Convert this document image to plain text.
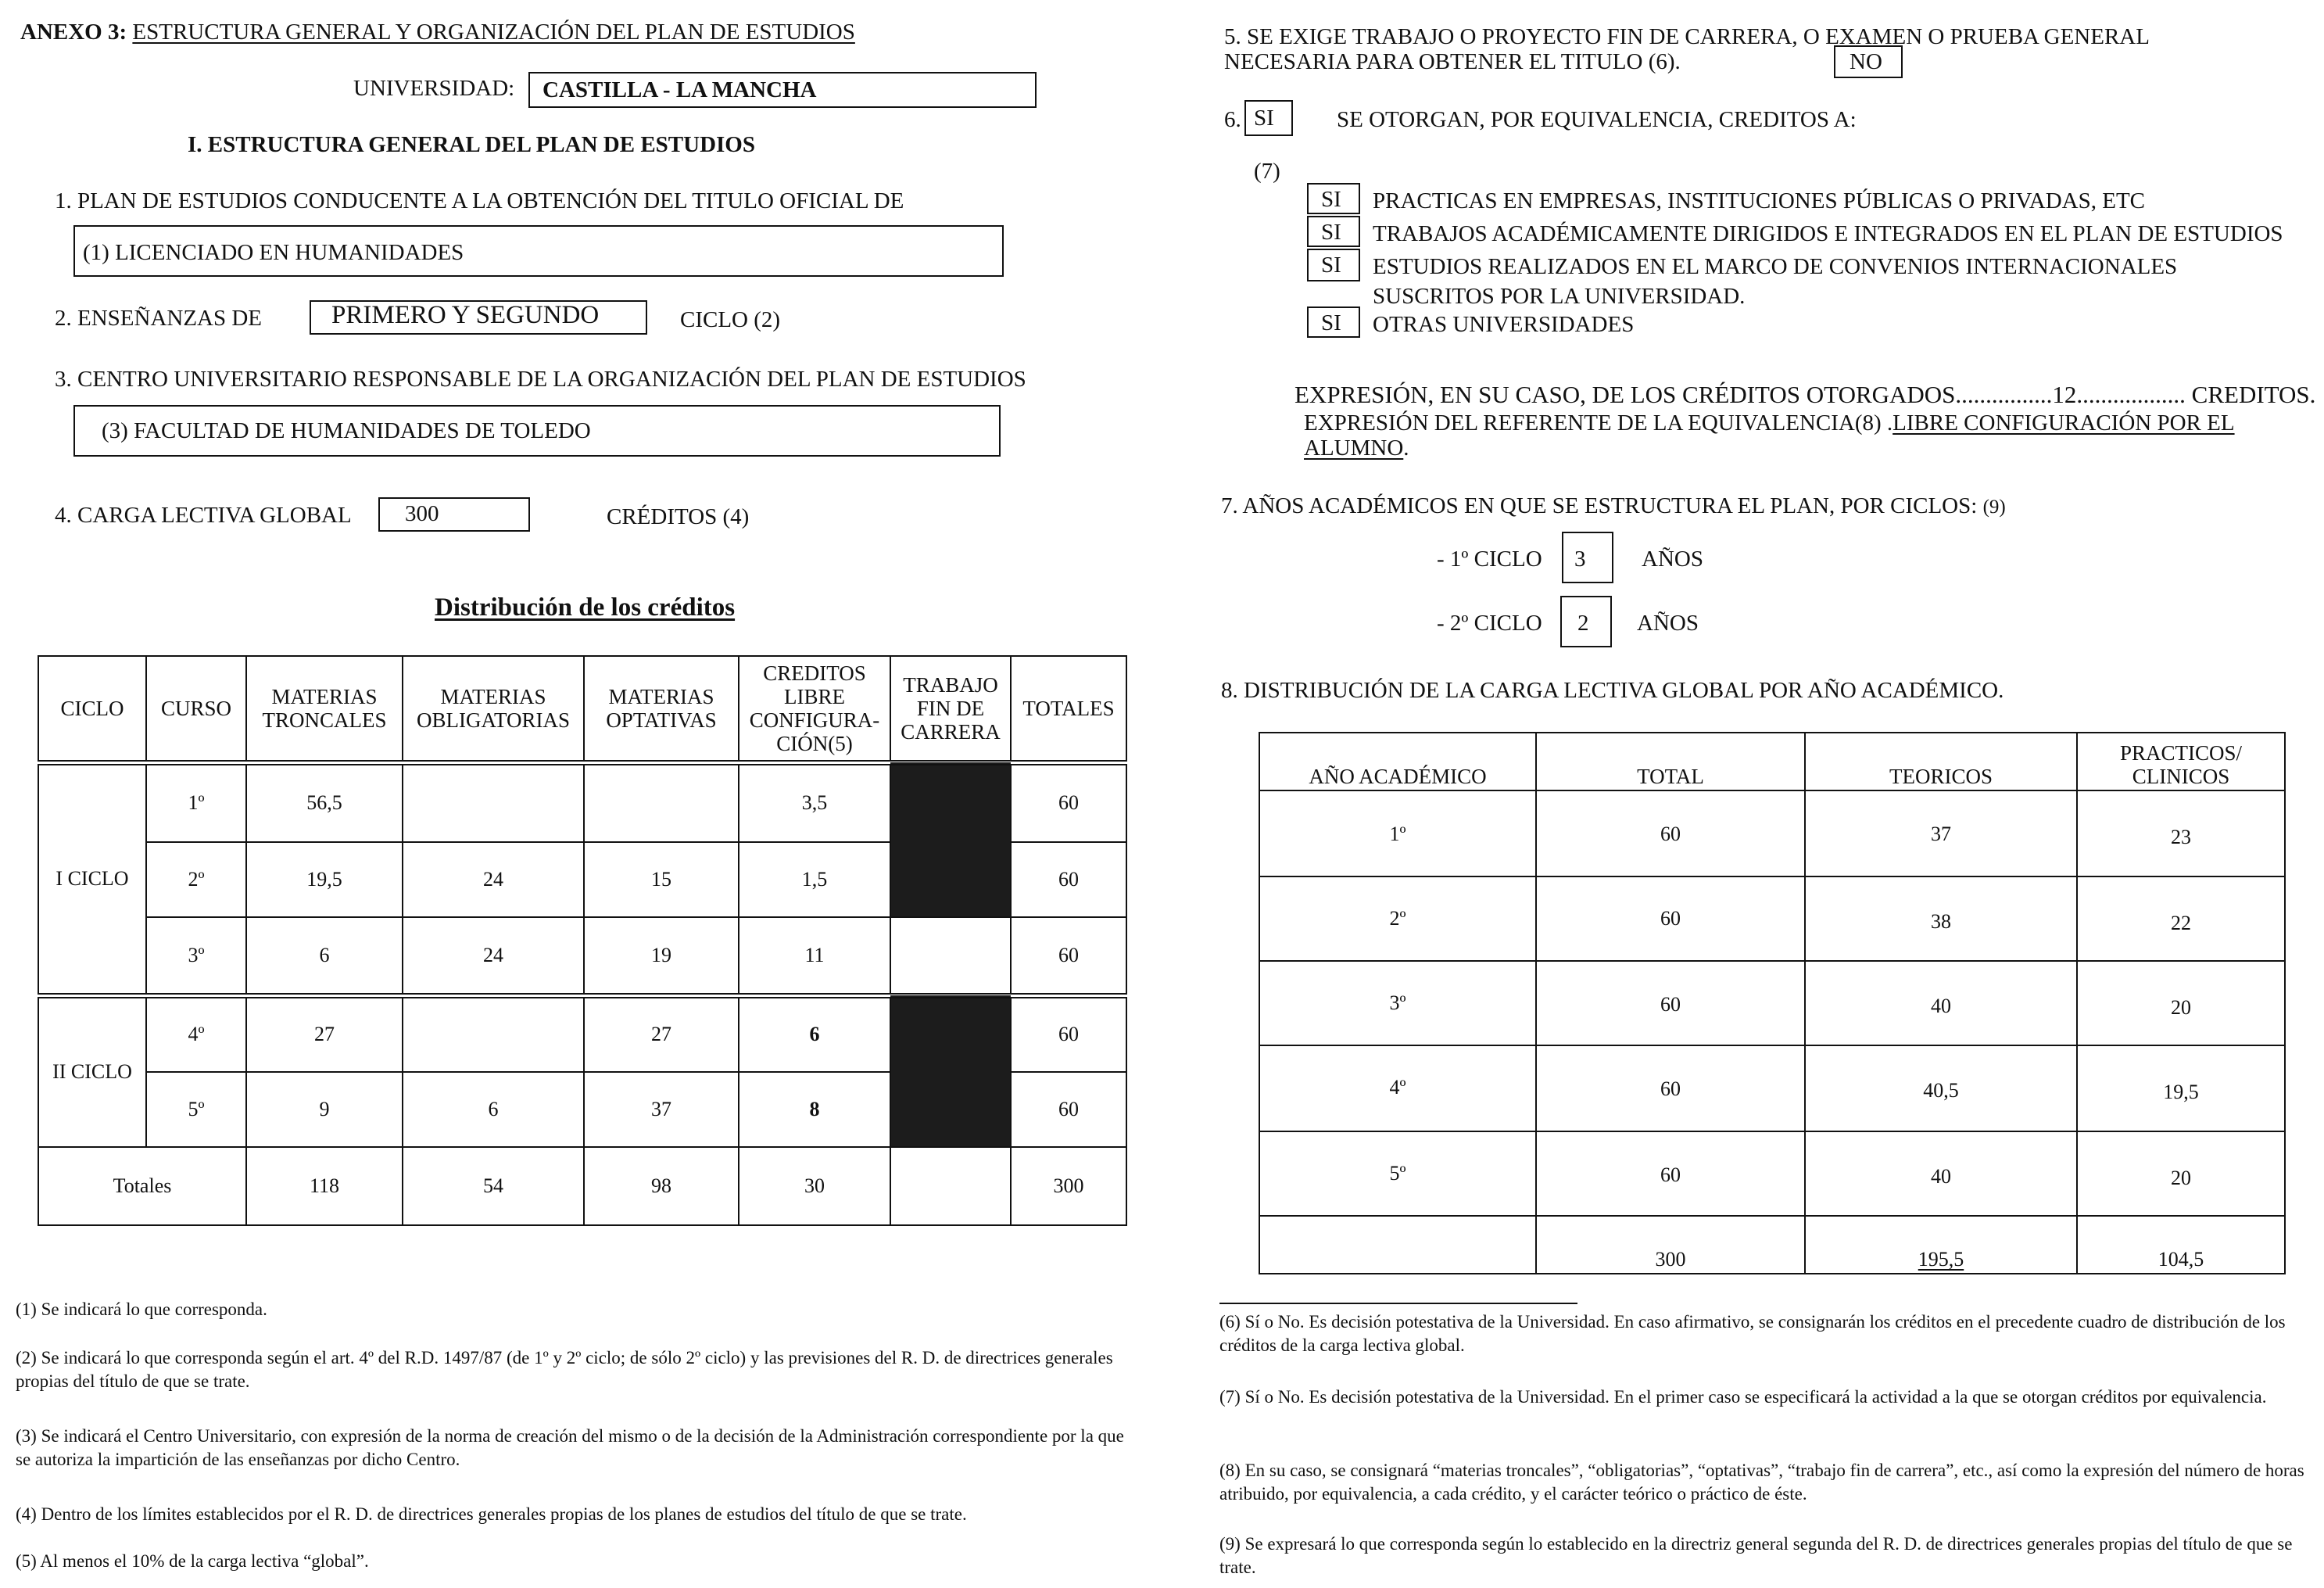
ANEXO 3: ESTRUCTURA GENERAL Y ORGANIZACIÓN DEL PLAN DE ESTUDIOS
UNIVERSIDAD: CASTILLA - LA MANCHA
I. ESTRUCTURA GENERAL DEL PLAN DE ESTUDIOS
1. PLAN DE ESTUDIOS CONDUCENTE A LA OBTENCIÓN DEL TITULO OFICIAL DE
(1) LICENCIADO EN HUMANIDADES
2. ENSEÑANZAS DE	PRIMERO Y SEGUNDO	CICLO (2)
3. CENTRO UNIVERSITARIO RESPONSABLE DE LA ORGANIZACIÓN DEL PLAN DE ESTUDIOS
(3) FACULTAD DE HUMANIDADES DE TOLEDO
4. CARGA LECTIVA GLOBAL 300	CRÉDITOS (4)
Distribución de los créditos
CICLO	CURSO	MATERIAS TRONCALES	MATERIAS OBLIGATORIAS	MATERIAS OPTATIVAS	CREDITOS LIBRE CONFIGURA-CIÓN(5)	TRABAJO FIN DE CARRERA	TOTALES
I CICLO	1º	56,5			3,5		60
	2º	19,5	24	15	1,5		60
	3º	6	24	19	11		60
II CICLO	4º	27		27	6		60
	5º	9	6	37	8		60
Totales		118	54	98	30		300
(1) Se indicará lo que corresponda.
(2) Se indicará lo que corresponda según el art. 4º del R.D. 1497/87 (de 1º y 2º ciclo; de sólo 2º ciclo) y las previsiones del R. D. de directrices generales propias del título de que se trate.
(3) Se indicará el Centro Universitario, con expresión de la norma de creación del mismo o de la decisión de la Administración correspondiente por la que se autoriza la impartición de las enseñanzas por dicho Centro.
(4) Dentro de los límites establecidos por el R. D. de directrices generales propias de los planes de estudios del título de que se trate.
(5) Al menos el 10% de la carga lectiva “global”.
5. SE EXIGE TRABAJO O PROYECTO FIN DE CARRERA, O EXAMEN O PRUEBA GENERAL
NECESARIA PARA OBTENER EL TITULO (6).	NO
6. SI	SE OTORGAN, POR EQUIVALENCIA, CREDITOS A:
(7)
SI PRACTICAS EN EMPRESAS, INSTITUCIONES PÚBLICAS O PRIVADAS, ETC
SI TRABAJOS ACADÉMICAMENTE DIRIGIDOS E INTEGRADOS EN EL PLAN DE ESTUDIOS
SI ESTUDIOS REALIZADOS EN EL MARCO DE CONVENIOS INTERNACIONALES
SUSCRITOS POR LA UNIVERSIDAD.
SI OTRAS UNIVERSIDADES
EXPRESIÓN, EN SU CASO, DE LOS CRÉDITOS OTORGADOS................12.................. CREDITOS.
EXPRESIÓN DEL REFERENTE DE LA EQUIVALENCIA(8) .LIBRE CONFIGURACIÓN POR EL
ALUMNO.
7. AÑOS ACADÉMICOS EN QUE SE ESTRUCTURA EL PLAN, POR CICLOS: (9)
- 1º CICLO 3 AÑOS
- 2º CICLO 2 AÑOS
8. DISTRIBUCIÓN DE LA CARGA LECTIVA GLOBAL POR AÑO ACADÉMICO.
AÑO ACADÉMICO	TOTAL	TEORICOS	PRACTICOS/ CLINICOS
1º	60	37	23
2º	60	38	22
3º	60	40	20
4º	60	40,5	19,5
5º	60	40	20
	300	195,5	104,5
(6) Sí o No. Es decisión potestativa de la Universidad. En caso afirmativo, se consignarán los créditos en el precedente cuadro de distribución de los créditos de la carga lectiva global.
(7) Sí o No. Es decisión potestativa de la Universidad. En el primer caso se especificará la actividad a la que se otorgan créditos por equivalencia.
(8) En su caso, se consignará “materias troncales”, “obligatorias”, “optativas”, “trabajo fin de carrera”, etc., así como la expresión del número de horas atribuido, por equivalencia, a cada crédito, y el carácter teórico o práctico de éste.
(9) Se expresará lo que corresponda según lo establecido en la directriz general segunda del R. D. de directrices generales propias del título de que se trate.
